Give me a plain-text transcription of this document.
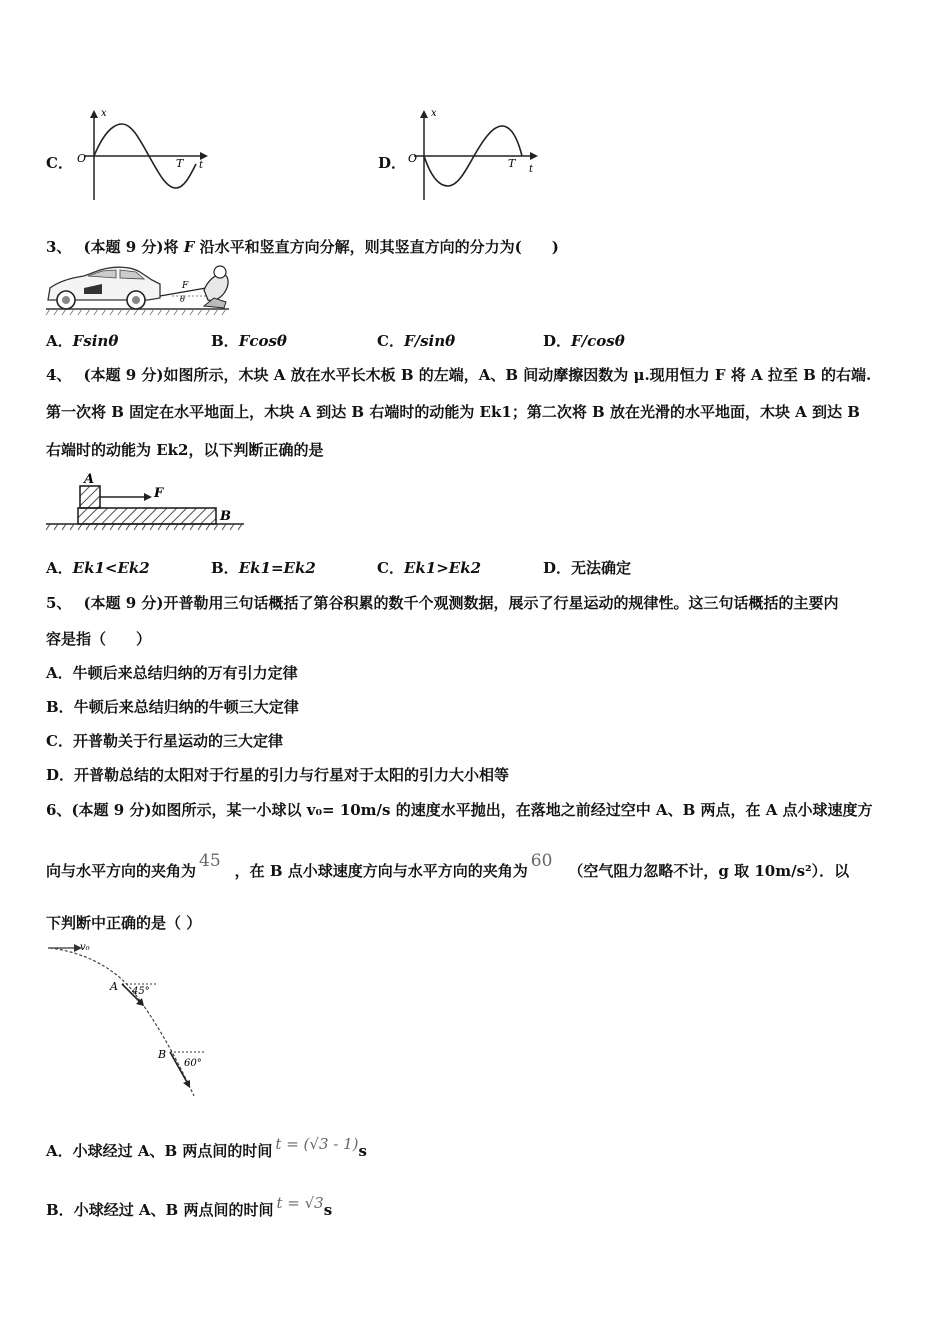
C．
x
O	T t	D．
x
O	T t
3、 (本题 9 分)将 F 沿水平和竖直方向分解，则其竖直方向的分力为(　　)
F
θ
A．Fsinθ	B．Fcosθ	C．F/sinθ	D．F/cosθ
4、 (本题 9 分)如图所示，木块 A 放在水平长木板 B 的左端，A、B 间动摩擦因数为 μ.现用恒力 F 将 A 拉至 B 的右端.
第一次将 B 固定在水平地面上，木块 A 到达 B 右端时的动能为 Ek1；第二次将 B 放在光滑的水平地面，木块 A 到达 B
右端时的动能为 Ek2，以下判断正确的是
A
F
B
A．Ek1<Ek2	B．Ek1=Ek2	C．Ek1>Ek2	D．无法确定
5、 (本题 9 分)开普勒用三句话概括了第谷积累的数千个观测数据，展示了行星运动的规律性。这三句话概括的主要内
容是指（　　）
A．牛顿后来总结归纳的万有引力定律
B．牛顿后来总结归纳的牛顿三大定律
C．开普勒关于行星运动的三大定律
D．开普勒总结的太阳对于行星的引力与行星对于太阳的引力大小相等
6、(本题 9 分)如图所示，某一小球以 v₀= 10m/s 的速度水平抛出，在落地之前经过空中 A、B 两点，在 A 点小球速度方
向与水平方向的夹角为 45 ，在 B 点小球速度方向与水平方向的夹角为 60 （空气阻力忽略不计，g 取 10m/s²）．以
下判断中正确的是（ ）
v₀
A 45°
B
60°
A．小球经过 A、B 两点间的时间 t = (√3 - 1)s
B．小球经过 A、B 两点间的时间 t = √3s
